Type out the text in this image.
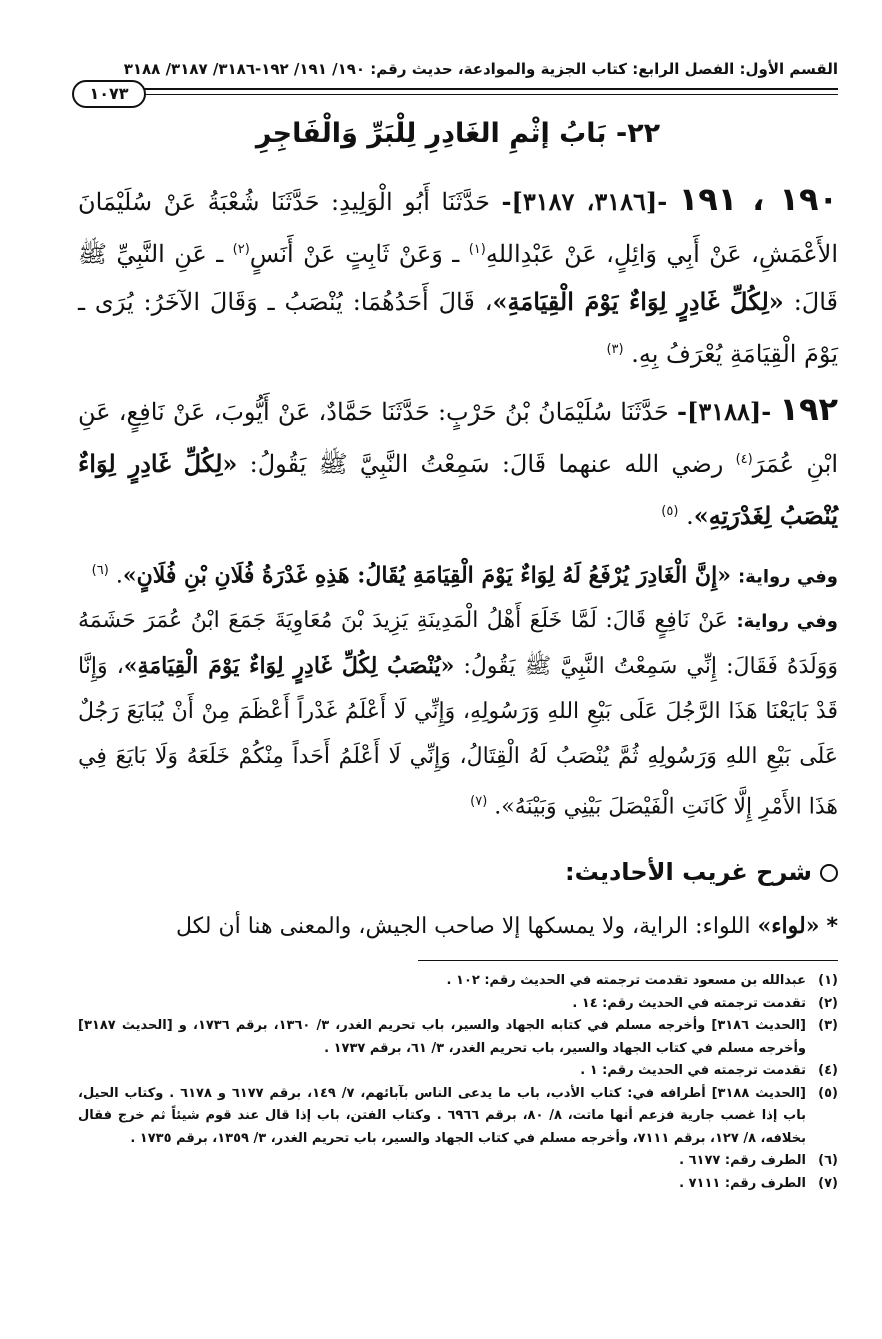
القسم الأول: الفصل الرابع: كتاب الجزية والموادعة، حديث رقم: ١٩٠/ ١٩١/ ١٩٢-٣١٨٦/ ٣١٨٧/ ٣١٨٨
١٠٧٣
٢٢- بَابُ إثْمِ الغَادِرِ لِلْبَرِّ وَالْفَاجِرِ
١٩٠ ، ١٩١ -[٣١٨٦، ٣١٨٧]- حَدَّثَنَا أَبُو الْوَلِيدِ: حَدَّثَنَا شُعْبَةُ عَنْ سُلَيْمَانَ الأَعْمَشِ، عَنْ أَبِي وَائِلٍ، عَنْ عَبْدِاللهِ$^{(١)}$ ـ وَعَنْ ثَابِتٍ عَنْ أَنَسٍ$^{(٢)}$ ـ عَنِ النَّبِيِّ ﷺ قَالَ: «لِكُلِّ غَادِرٍ لِوَاءٌ يَوْمَ الْقِيَامَةِ»، قَالَ أَحَدُهُمَا: يُنْصَبُ ـ وَقَالَ الآخَرُ: يُرَى ـ يَوْمَ الْقِيَامَةِ يُعْرَفُ بِهِ. $^{(٣)}$
١٩٢ -[٣١٨٨]- حَدَّثَنَا سُلَيْمَانُ بْنُ حَرْبٍ: حَدَّثَنَا حَمَّادٌ، عَنْ أَيُّوبَ، عَنْ نَافِعٍ، عَنِ ابْنِ عُمَرَ$^{(٤)}$ رضي الله عنهما قَالَ: سَمِعْتُ النَّبِيَّ ﷺ يَقُولُ: «لِكُلِّ غَادِرٍ لِوَاءٌ يُنْصَبُ لِغَدْرَتِهِ». $^{(٥)}$
وفي رواية: «إِنَّ الْغَادِرَ يُرْفَعُ لَهُ لِوَاءٌ يَوْمَ الْقِيَامَةِ يُقَالُ: هَذِهِ غَدْرَةُ فُلَانِ بْنِ فُلَانٍ». $^{(٦)}$
وفي رواية: عَنْ نَافِعٍ قَالَ: لَمَّا خَلَعَ أَهْلُ الْمَدِينَةِ يَزِيدَ بْنَ مُعَاوِيَةَ جَمَعَ ابْنُ عُمَرَ حَشَمَهُ وَوَلَدَهُ فَقَالَ: إِنِّي سَمِعْتُ النَّبِيَّ ﷺ يَقُولُ: «يُنْصَبُ لِكُلِّ غَادِرٍ لِوَاءٌ يَوْمَ الْقِيَامَةِ»، وَإِنَّا قَدْ بَايَعْنَا هَذَا الرَّجُلَ عَلَى بَيْعِ اللهِ وَرَسُولِهِ، وَإِنِّي لَا أَعْلَمُ غَدْراً أَعْظَمَ مِنْ أَنْ يُبَايَعَ رَجُلٌ عَلَى بَيْعِ اللهِ وَرَسُولِهِ ثُمَّ يُنْصَبُ لَهُ الْقِتَالُ، وَإِنِّي لَا أَعْلَمُ أَحَداً مِنْكُمْ خَلَعَهُ وَلَا بَايَعَ فِي هَذَا الأَمْرِ إِلَّا كَانَتِ الْفَيْصَلَ بَيْنِي وَبَيْنَهُ». $^{(٧)}$
شرح غريب الأحاديث:
* «لواء» اللواء: الراية، ولا يمسكها إلا صاحب الجيش، والمعنى هنا أن لكل
(١)
عبدالله بن مسعود تقدمت ترجمته في الحديث رقم: ١٠٢ .
(٢)
تقدمت ترجمته في الحديث رقم: ١٤ .
(٣)
[الحديث ٣١٨٦] وأخرجه مسلم في كتابه الجهاد والسير، باب تحريم الغدر، ٣/ ١٣٦٠، برقم ١٧٣٦، و [الحديث ٣١٨٧] وأخرجه مسلم في كتاب الجهاد والسير، باب تحريم الغدر، ٣/ ٦١، برقم ١٧٣٧ .
(٤)
تقدمت ترجمته في الحديث رقم: ١ .
(٥)
[الحديث ٣١٨٨] أطرافه في: كتاب الأدب، باب ما يدعى الناس بآبائهم، ٧/ ١٤٩، برقم ٦١٧٧ و ٦١٧٨ . وكتاب الحيل، باب إذا غصب جارية فزعم أنها ماتت، ٨/ ٨٠، برقم ٦٩٦٦ . وكتاب الفتن، باب إذا قال عند قوم شيئاً ثم خرج فقال بخلافه، ٨/ ١٢٧، برقم ٧١١١، وأخرجه مسلم في كتاب الجهاد والسير، باب تحريم الغدر، ٣/ ١٣٥٩، برقم ١٧٣٥ .
(٦)
الطرف رقم: ٦١٧٧ .
(٧)
الطرف رقم: ٧١١١ .
